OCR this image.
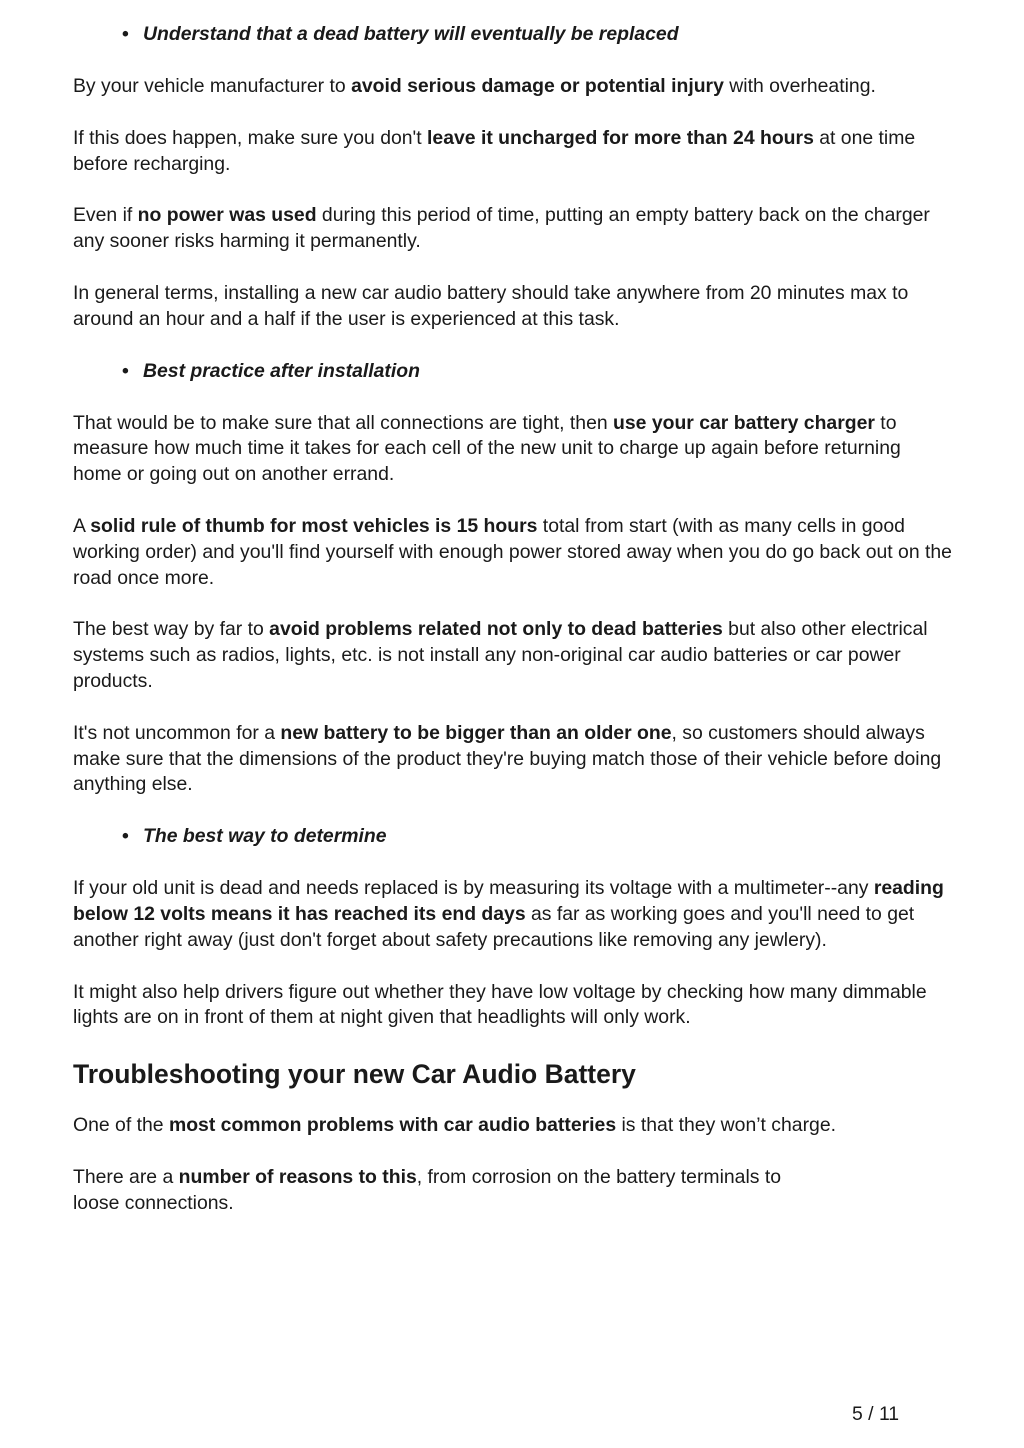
• Understand that a dead battery will eventually be replaced

By your vehicle manufacturer to avoid serious damage or potential injury with overheating.

If this does happen, make sure you don't leave it uncharged for more than 24 hours at one time before recharging.

Even if no power was used during this period of time, putting an empty battery back on the charger any sooner risks harming it permanently.

In general terms, installing a new car audio battery should take anywhere from 20 minutes max to around an hour and a half if the user is experienced at this task.

• Best practice after installation

That would be to make sure that all connections are tight, then use your car battery charger to measure how much time it takes for each cell of the new unit to charge up again before returning home or going out on another errand.

A solid rule of thumb for most vehicles is 15 hours total from start (with as many cells in good working order) and you'll find yourself with enough power stored away when you do go back out on the road once more.

The best way by far to avoid problems related not only to dead batteries but also other electrical systems such as radios, lights, etc. is not install any non-original car audio batteries or car power products.

It's not uncommon for a new battery to be bigger than an older one, so customers should always make sure that the dimensions of the product they're buying match those of their vehicle before doing anything else.

• The best way to determine

If your old unit is dead and needs replaced is by measuring its voltage with a multimeter--any reading below 12 volts means it has reached its end days as far as working goes and you'll need to get another right away (just don't forget about safety precautions like removing any jewlery).

It might also help drivers figure out whether they have low voltage by checking how many dimmable lights are on in front of them at night given that headlights will only work.

Troubleshooting your new Car Audio Battery

One of the most common problems with car audio batteries is that they won’t charge.

There are a number of reasons to this, from corrosion on the battery terminals to
loose connections.

5 / 11
